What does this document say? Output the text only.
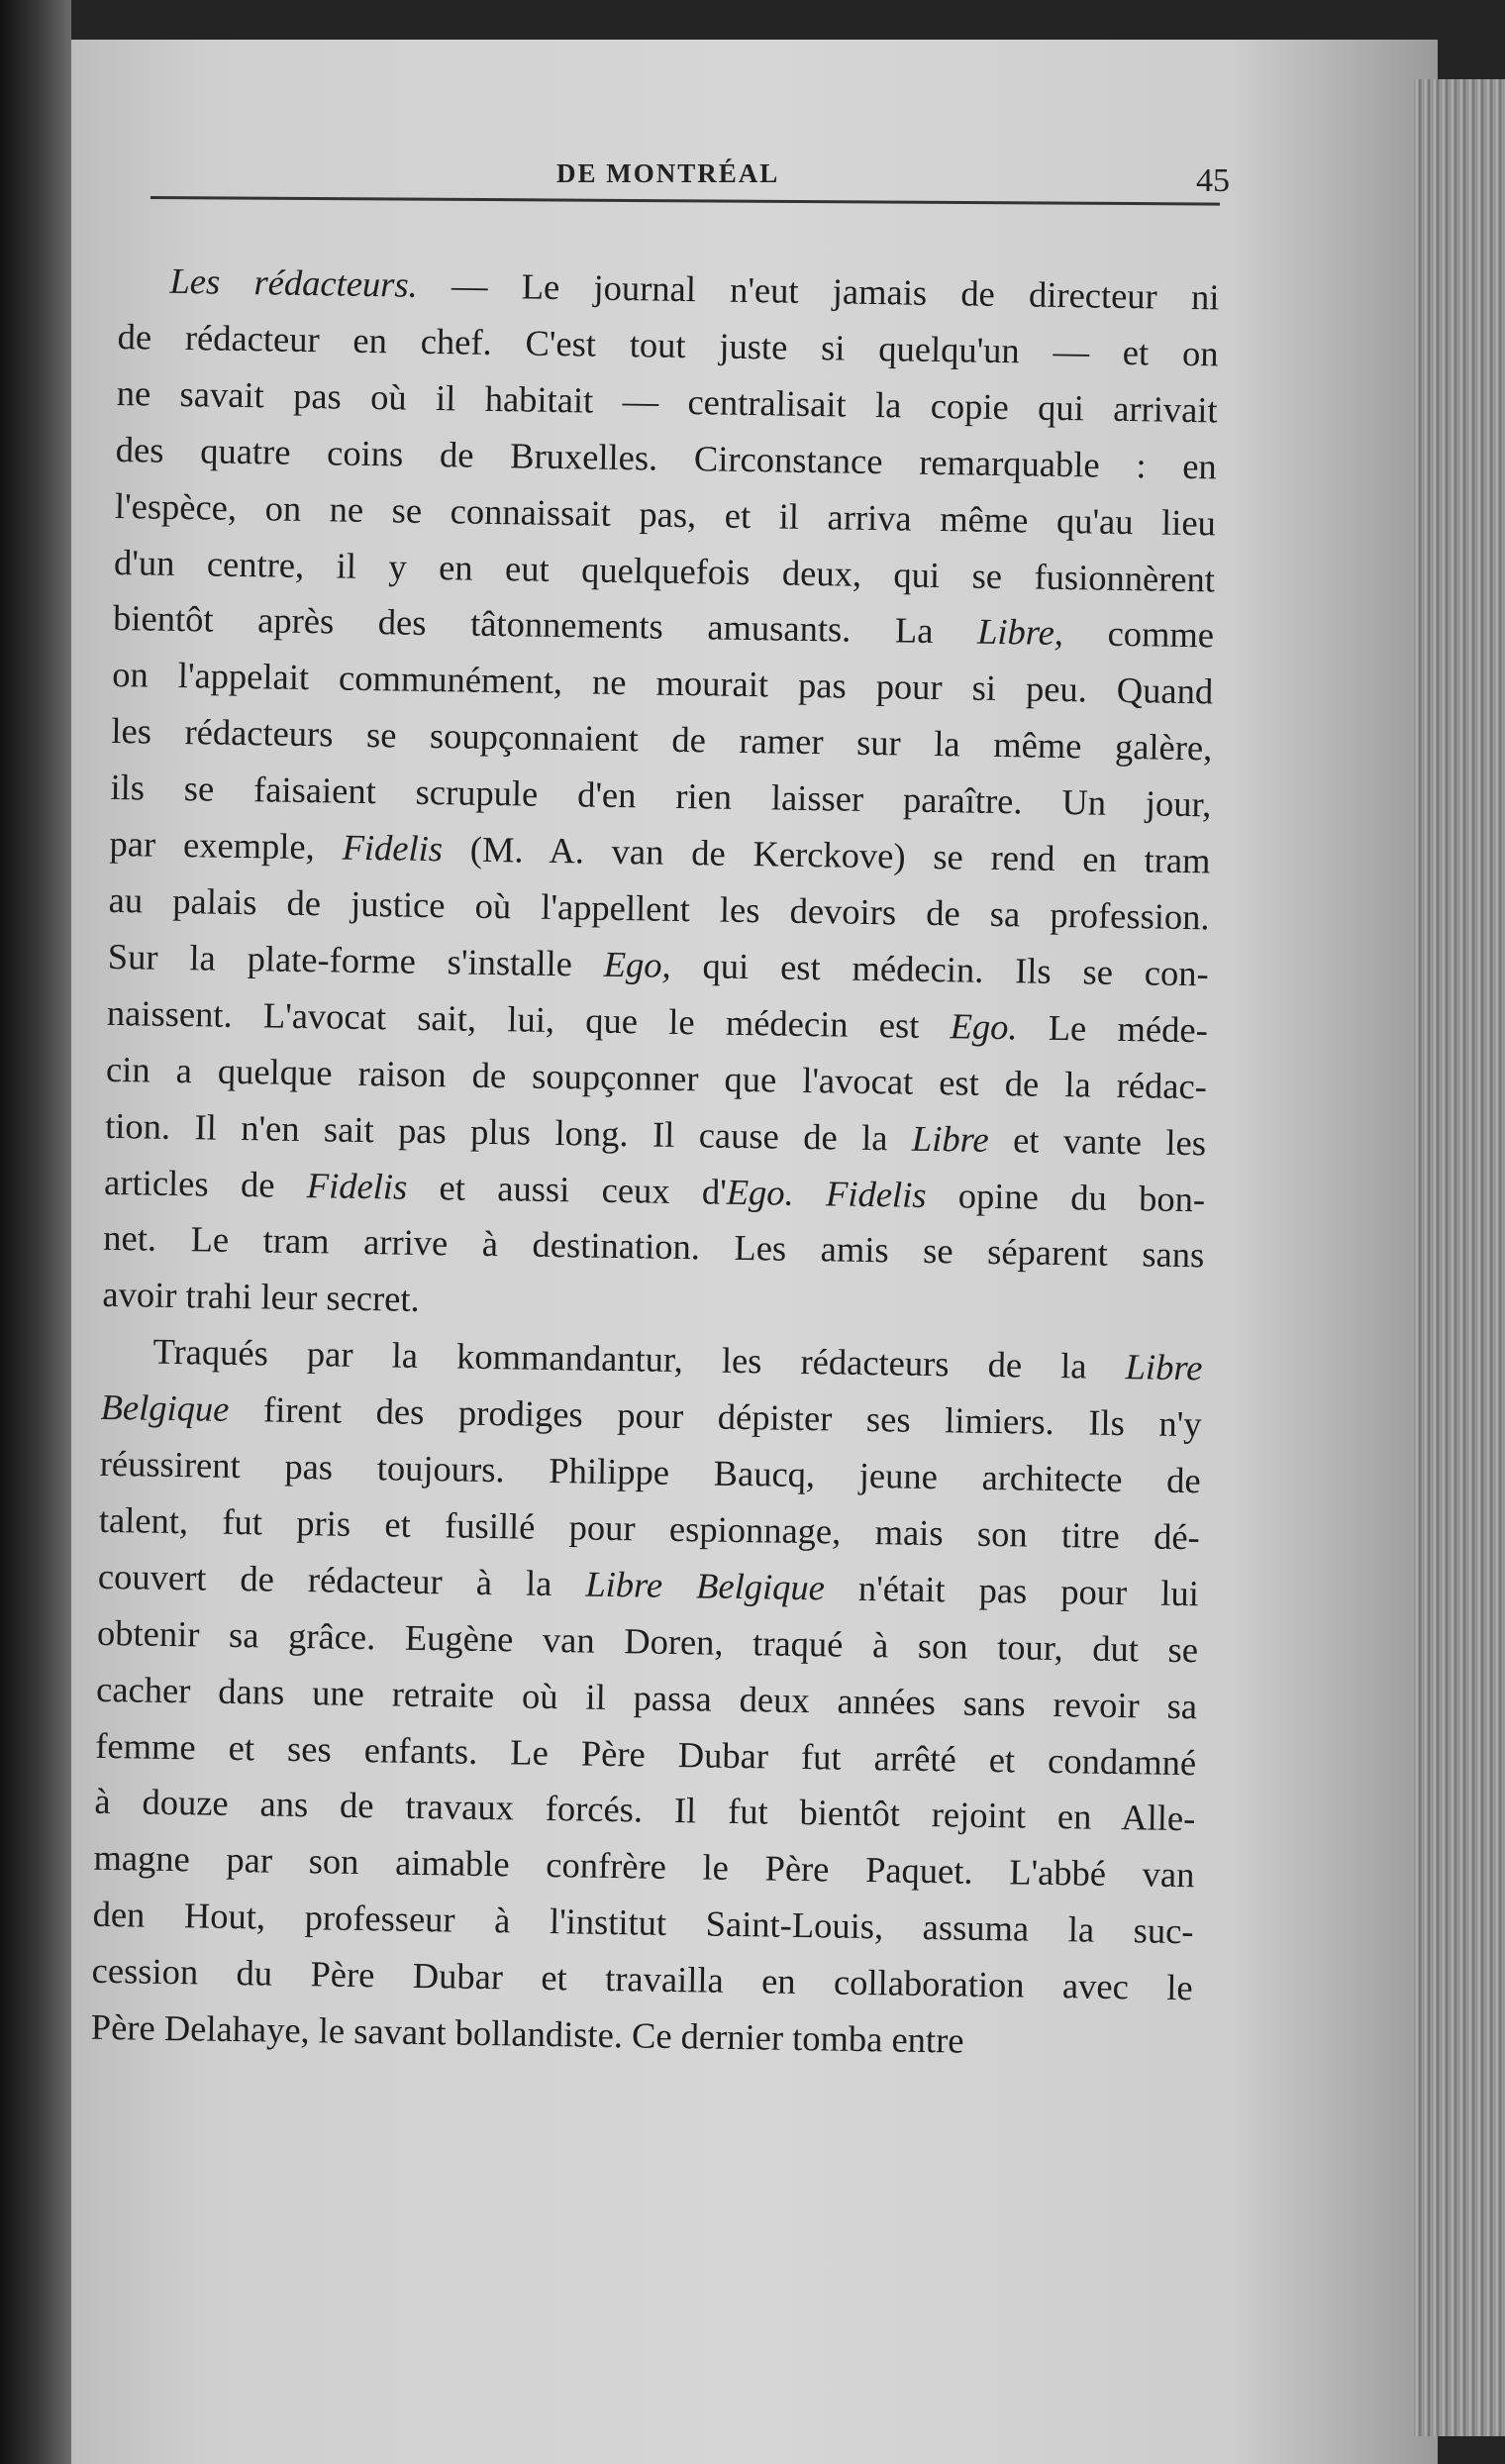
DE MONTRÉAL	45
Les rédacteurs. — Le journal n'eut jamais de directeur ni
de rédacteur en chef. C'est tout juste si quelqu'un — et on
ne savait pas où il habitait — centralisait la copie qui arrivait
des quatre coins de Bruxelles. Circonstance remarquable : en
l'espèce, on ne se connaissait pas, et il arriva même qu'au lieu
d'un centre, il y en eut quelquefois deux, qui se fusionnèrent
bientôt après des tâtonnements amusants. La Libre, comme
on l'appelait communément, ne mourait pas pour si peu. Quand
les rédacteurs se soupçonnaient de ramer sur la même galère,
ils se faisaient scrupule d'en rien laisser paraître. Un jour,
par exemple, Fidelis (M. A. van de Kerckove) se rend en tram
au palais de justice où l'appellent les devoirs de sa profession.
Sur la plate-forme s'installe Ego, qui est médecin. Ils se con-
naissent. L'avocat sait, lui, que le médecin est Ego. Le méde-
cin a quelque raison de soupçonner que l'avocat est de la rédac-
tion. Il n'en sait pas plus long. Il cause de la Libre et vante les
articles de Fidelis et aussi ceux d'Ego. Fidelis opine du bon-
net. Le tram arrive à destination. Les amis se séparent sans
avoir trahi leur secret.
Traqués par la kommandantur, les rédacteurs de la Libre
Belgique firent des prodiges pour dépister ses limiers. Ils n'y
réussirent pas toujours. Philippe Baucq, jeune architecte de
talent, fut pris et fusillé pour espionnage, mais son titre dé-
couvert de rédacteur à la Libre Belgique n'était pas pour lui
obtenir sa grâce. Eugène van Doren, traqué à son tour, dut se
cacher dans une retraite où il passa deux années sans revoir sa
femme et ses enfants. Le Père Dubar fut arrêté et condamné
à douze ans de travaux forcés. Il fut bientôt rejoint en Alle-
magne par son aimable confrère le Père Paquet. L'abbé van
den Hout, professeur à l'institut Saint-Louis, assuma la suc-
cession du Père Dubar et travailla en collaboration avec le
Père Delahaye, le savant bollandiste. Ce dernier tomba entre
